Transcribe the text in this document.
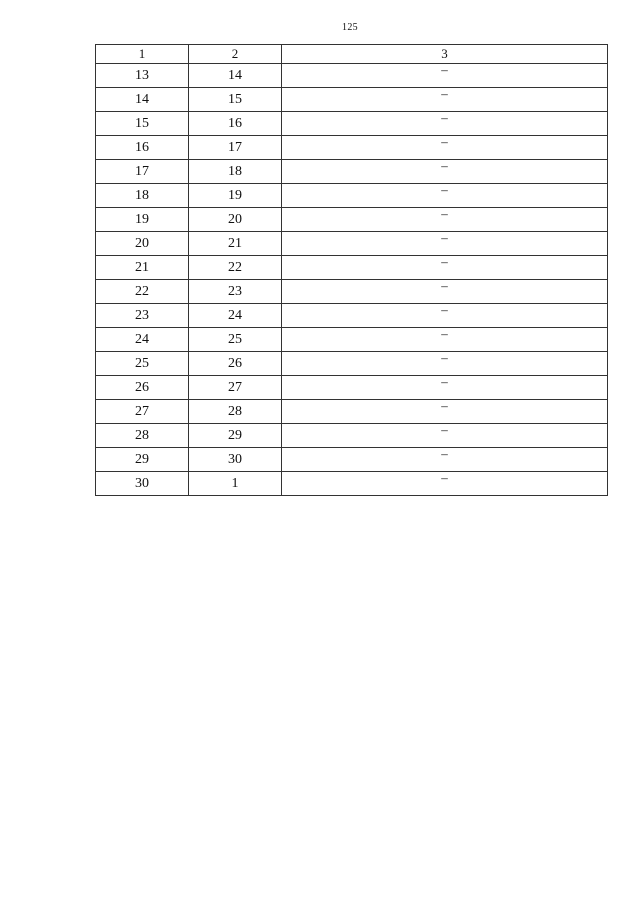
125
1	2	3
13	14	–
14	15	–
15	16	–
16	17	–
17	18	–
18	19	–
19	20	–
20	21	–
21	22	–
22	23	–
23	24	–
24	25	–
25	26	–
26	27	–
27	28	–
28	29	–
29	30	–
30	1	–
